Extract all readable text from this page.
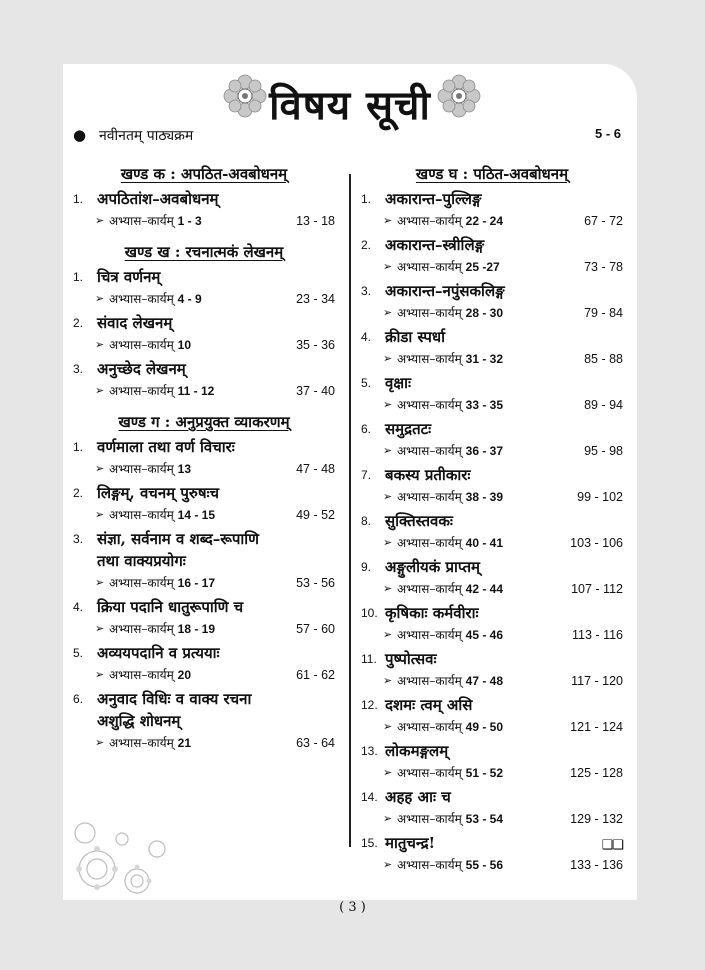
विषय सूची
● नवीनतम् पाठ्यक्रम	5 - 6
खण्ड क : अपठित-अवबोधनम्
1. अपठितांश–अवबोधनम्
➢ अभ्यास–कार्यम् 1 - 3	13 - 18
खण्ड ख : रचनात्मकं लेखनम्
1. चित्र वर्णनम्
➢ अभ्यास–कार्यम् 4 - 9	23 - 34
2. संवाद लेखनम्
➢ अभ्यास–कार्यम् 10	35 - 36
3. अनुच्छेद लेखनम्
➢ अभ्यास–कार्यम् 11 - 12	37 - 40
खण्ड ग : अनुप्रयुक्त व्याकरणम्
1. वर्णमाला तथा वर्ण विचारः
➢ अभ्यास–कार्यम् 13	47 - 48
2. लिङ्गम्, वचनम् पुरुषःच
➢ अभ्यास–कार्यम् 14 - 15	49 - 52
3. संज्ञा, सर्वनाम व शब्द–रूपाणि
तथा वाक्यप्रयोगः
➢ अभ्यास–कार्यम् 16 - 17	53 - 56
4. क्रिया पदानि धातुरूपाणि च
➢ अभ्यास–कार्यम् 18 - 19	57 - 60
5. अव्ययपदानि व प्रत्ययाः
➢ अभ्यास–कार्यम् 20	61 - 62
6. अनुवाद विधिः व वाक्य रचना
अशुद्धि शोधनम्
➢ अभ्यास–कार्यम् 21	63 - 64
खण्ड घ : पठित-अवबोधनम्
1. अकारान्त–पुल्लिङ्ग
➢ अभ्यास–कार्यम् 22 - 24	67 - 72
2. अकारान्त–स्त्रीलिङ्ग
➢ अभ्यास–कार्यम् 25 -27	73 - 78
3. अकारान्त–नपुंसकलिङ्ग
➢ अभ्यास–कार्यम् 28 - 30	79 - 84
4. क्रीडा स्पर्धा
➢ अभ्यास–कार्यम् 31 - 32	85 - 88
5. वृक्षाः
➢ अभ्यास–कार्यम् 33 - 35	89 - 94
6. समुद्रतटः
➢ अभ्यास–कार्यम् 36 - 37	95 - 98
7. बकस्य प्रतीकारः
➢ अभ्यास–कार्यम् 38 - 39	99 - 102
8. सुक्तिस्तवकः
➢ अभ्यास–कार्यम् 40 - 41	103 - 106
9. अङ्गुलीयकं प्राप्तम्
➢ अभ्यास–कार्यम् 42 - 44	107 - 112
10. कृषिकाः कर्मवीराः
➢ अभ्यास–कार्यम् 45 - 46	113 - 116
11. पुष्पोत्सवः
➢ अभ्यास–कार्यम् 47 - 48	117 - 120
12. दशमः त्वम् असि
➢ अभ्यास–कार्यम् 49 - 50	121 - 124
13. लोकमङ्गलम्
➢ अभ्यास–कार्यम् 51 - 52	125 - 128
14. अहह आः च
➢ अभ्यास–कार्यम् 53 - 54	129 - 132
15. मातुचन्द्र!
➢ अभ्यास–कार्यम् 55 - 56	133 - 136
❑❑
( 3 )
